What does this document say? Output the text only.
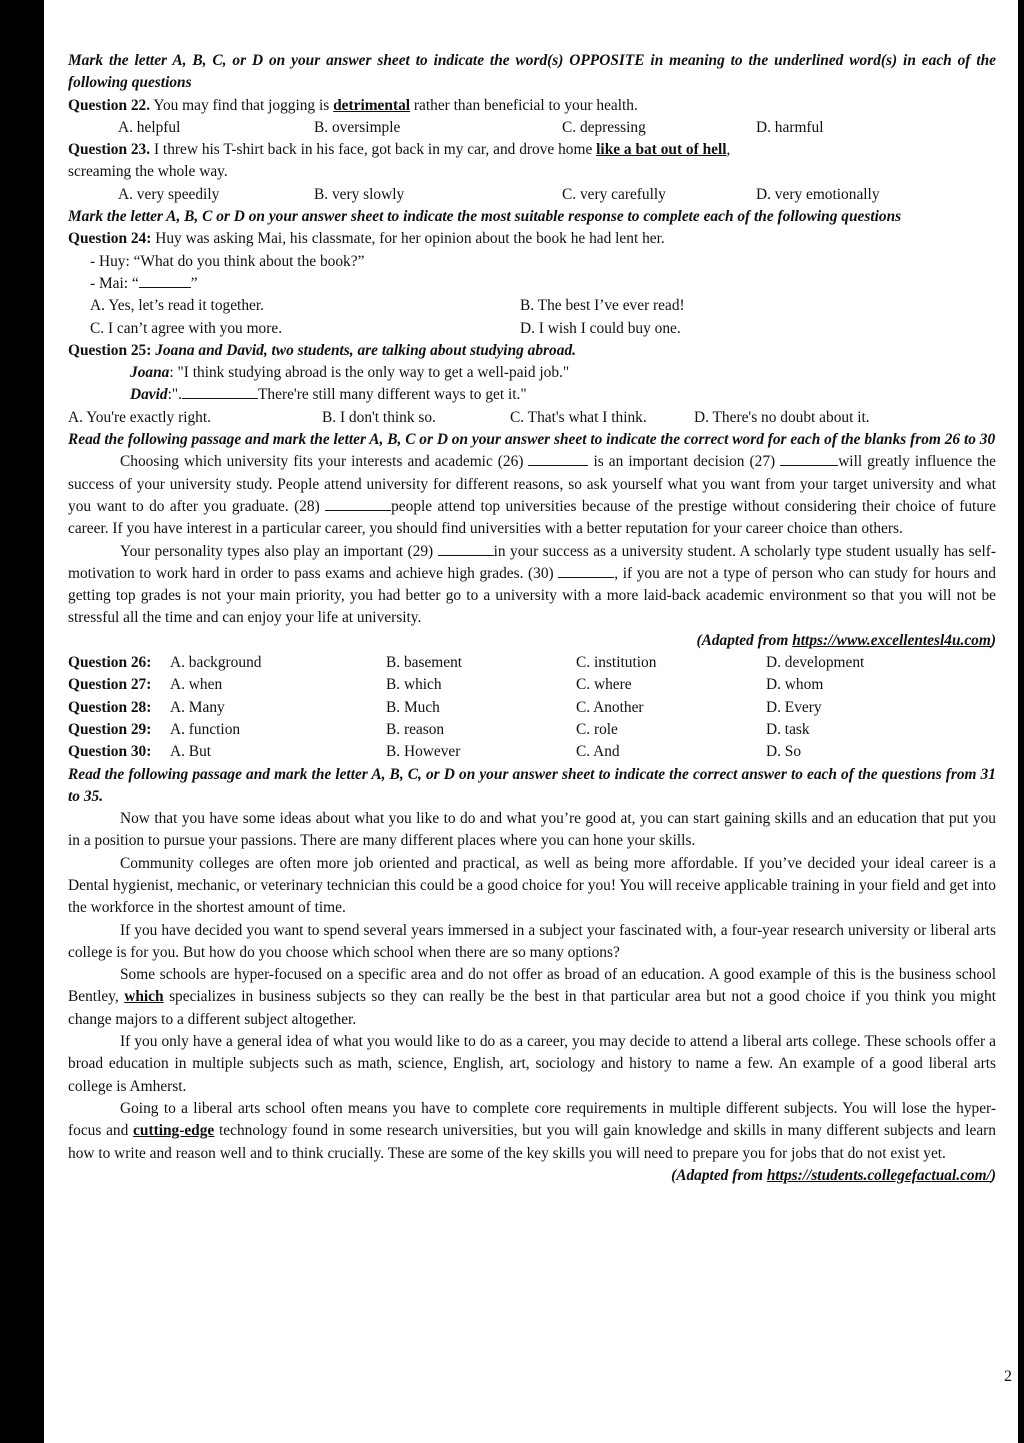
Mark the letter A, B, C, or D on your answer sheet to indicate the word(s) OPPOSITE in meaning to the underlined word(s) in each of the following questions
Question 22. You may find that jogging is detrimental rather than beneficial to your health.
A. helpful	B. oversimple	C. depressing	D. harmful
Question 23. I threw his T-shirt back in his face, got back in my car, and drove home like a bat out of hell,
screaming the whole way.
A. very speedily	B. very slowly	C. very carefully	D. very emotionally
Mark the letter A, B, C or D on your answer sheet to indicate the most suitable response to complete each of the following questions
Question 24: Huy was asking Mai, his classmate, for her opinion about the book he had lent her.
- Huy: “What do you think about the book?”
- Mai: “	”
A. Yes, let’s read it together.	B. The best I’ve ever read!
C. I can’t agree with you more.	D. I wish I could buy one.
Question 25: Joana and David, two students, are talking about studying abroad.
Joana: "I think studying abroad is the only way to get a well-paid job."
David:".	There're still many different ways to get it."
A. You're exactly right.	B. I don't think so.	C. That's what I think.	D. There's no doubt about it.
Read the following passage and mark the letter A, B, C or D on your answer sheet to indicate the correct word for each of the blanks from 26 to 30

Choosing which university fits your interests and academic (26)	is an important decision (27)	will greatly influence the success of your university study. People attend university for different reasons, so ask yourself what you want from your target university and what you want to do after you graduate. (28)	people attend top universities because of the prestige without considering their choice of future career. If you have interest in a particular career, you should find universities with a better reputation for your career choice than others.

Your personality types also play an important (29)	in your success as a university student. A scholarly type student usually has self-motivation to work hard in order to pass exams and achieve high grades. (30)	, if you are not a type of person who can study for hours and getting top grades is not your main priority, you had better go to a university with a more laid-back academic environment so that you will not be stressful all the time and can enjoy your life at university.

(Adapted from https://www.excellentesl4u.com)
Question 26: A. background	B. basement	C. institution	D. development
Question 27: A. when	B. which	C. where	D. whom
Question 28: A. Many	B. Much	C. Another	D. Every
Question 29: A. function	B. reason	C. role	D. task
Question 30: A. But	B. However	C. And	D. So
Read the following passage and mark the letter A, B, C, or D on your answer sheet to indicate the correct answer to each of the questions from 31 to 35.

Now that you have some ideas about what you like to do and what you’re good at, you can start gaining skills and an education that put you in a position to pursue your passions. There are many different places where you can hone your skills.

Community colleges are often more job oriented and practical, as well as being more affordable. If you’ve decided your ideal career is a Dental hygienist, mechanic, or veterinary technician this could be a good choice for you! You will receive applicable training in your field and get into the workforce in the shortest amount of time.

If you have decided you want to spend several years immersed in a subject your fascinated with, a four-year research university or liberal arts college is for you. But how do you choose which school when there are so many options?

Some schools are hyper-focused on a specific area and do not offer as broad of an education. A good example of this is the business school Bentley, which specializes in business subjects so they can really be the best in that particular area but not a good choice if you think you might change majors to a different subject altogether.

If you only have a general idea of what you would like to do as a career, you may decide to attend a liberal arts college. These schools offer a broad education in multiple subjects such as math, science, English, art, sociology and history to name a few. An example of a good liberal arts college is Amherst.

Going to a liberal arts school often means you have to complete core requirements in multiple different subjects. You will lose the hyper-focus and cutting-edge technology found in some research universities, but you will gain knowledge and skills in many different subjects and learn how to write and reason well and to think crucially. These are some of the key skills you will need to prepare you for jobs that do not exist yet.

(Adapted from https://students.collegefactual.com/)
2
